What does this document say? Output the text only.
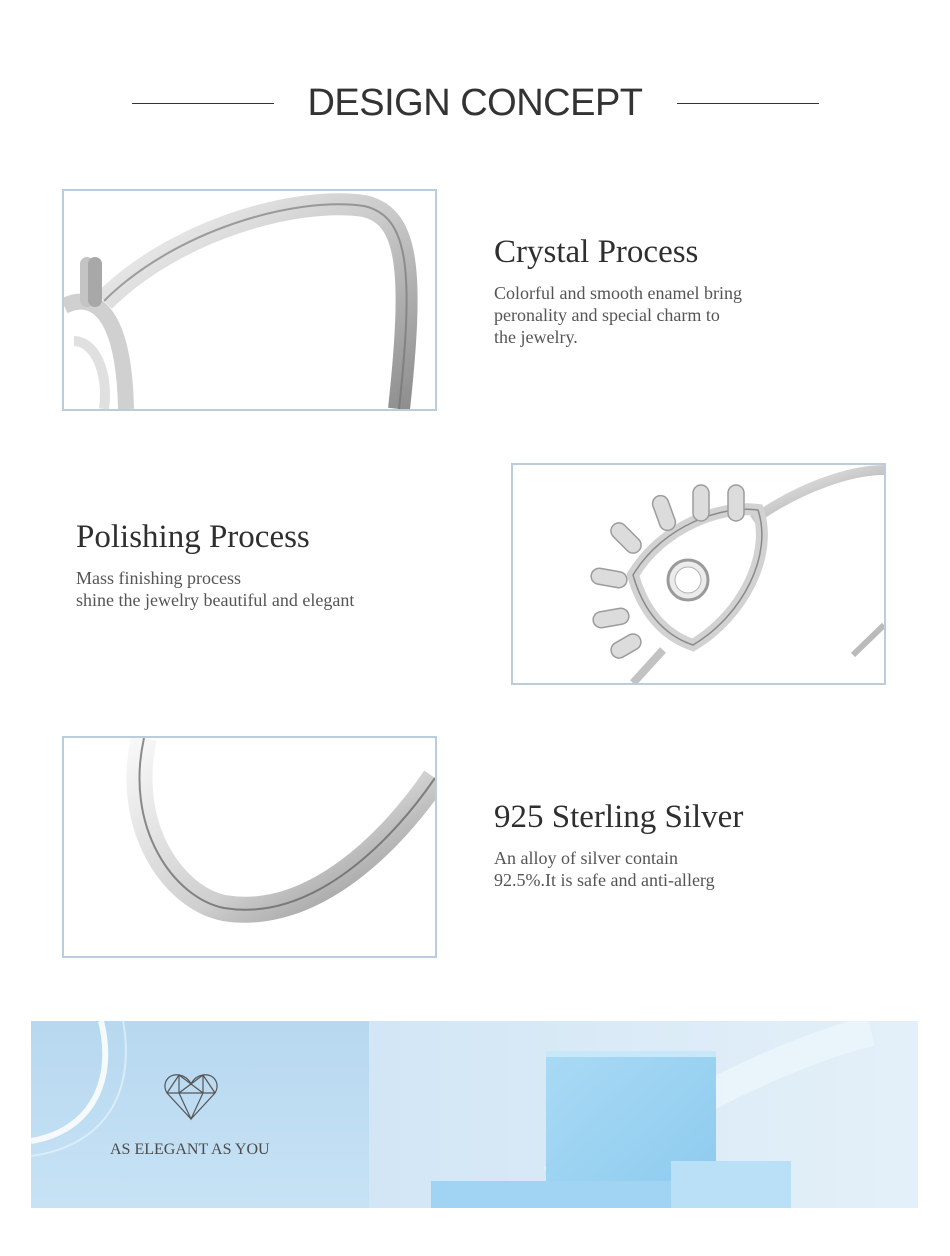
DESIGN CONCEPT
Crystal Process
Colorful and smooth enamel bring
peronality and special charm to
the jewelry.
Polishing Process
Mass finishing process
shine the jewelry beautiful and elegant
925 Sterling Silver
An alloy of silver contain
92.5%.It is safe and anti-allerg
AS ELEGANT AS YOU
